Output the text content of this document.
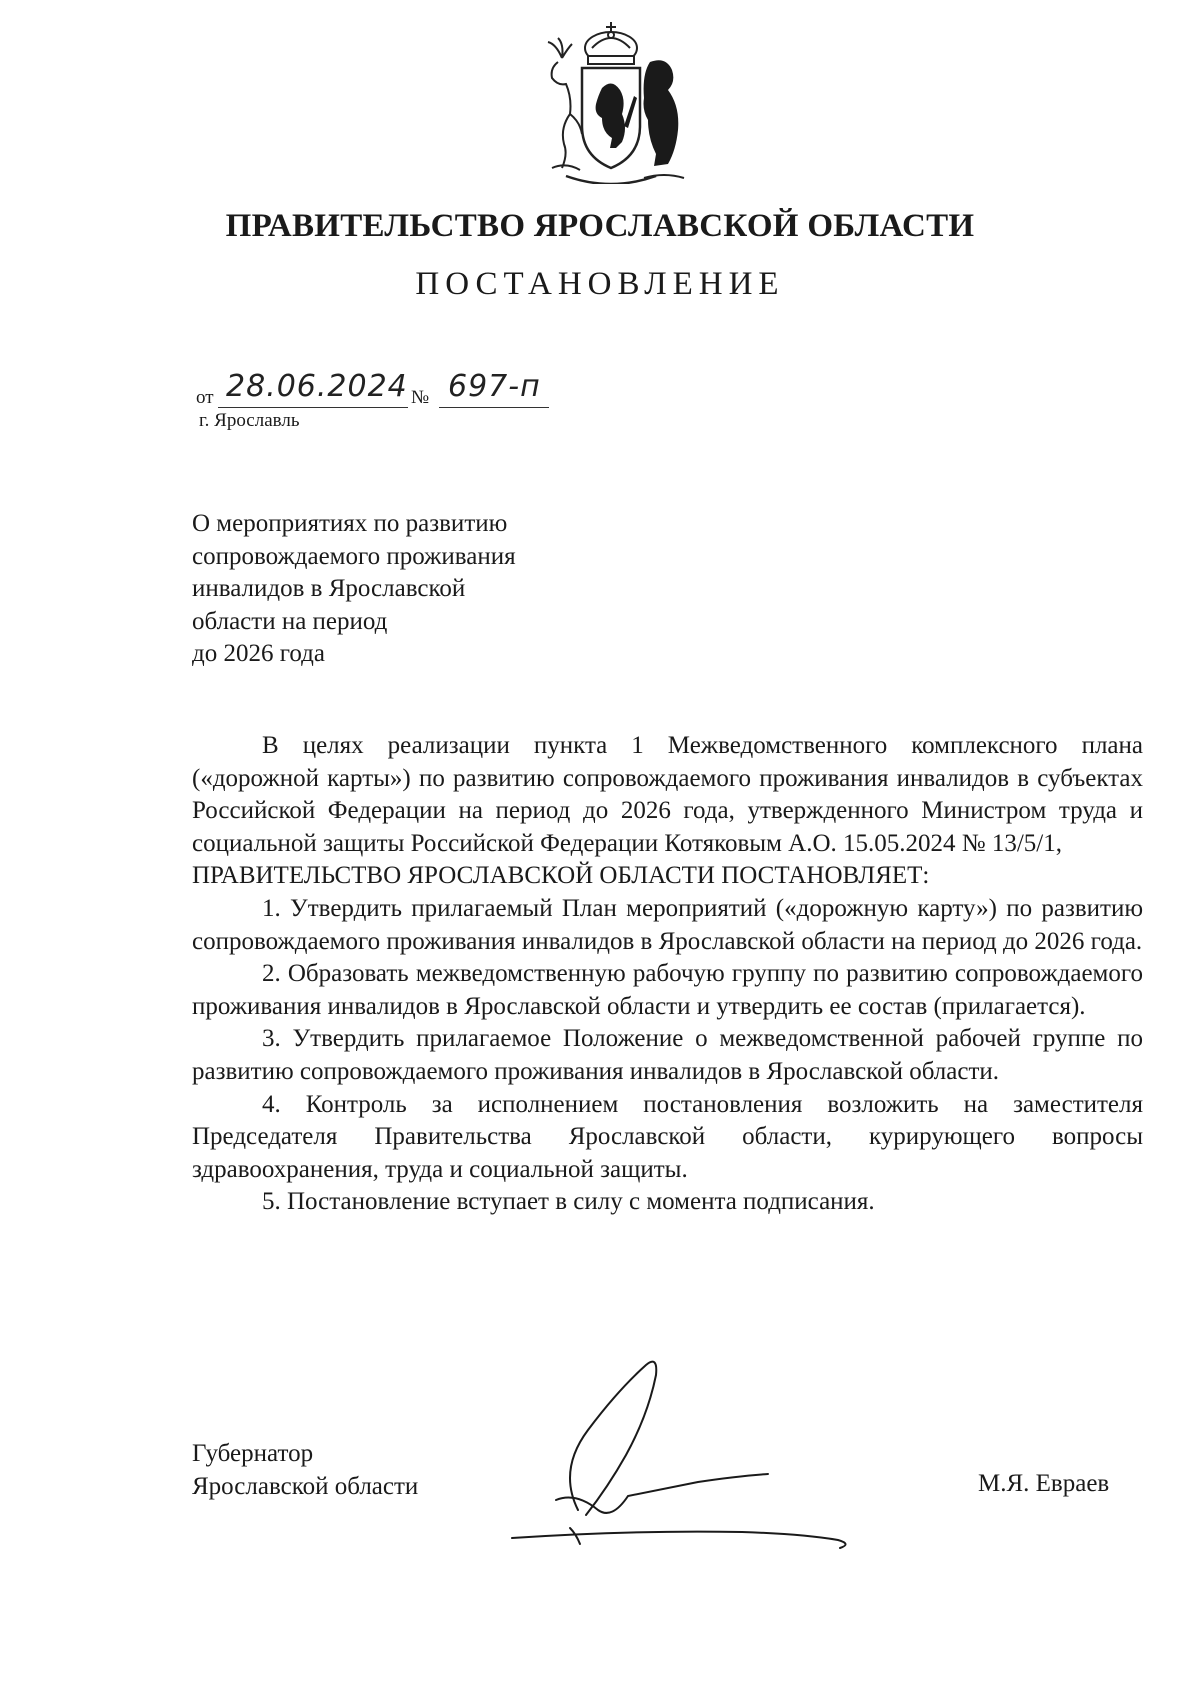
ПРАВИТЕЛЬСТВО ЯРОСЛАВСКОЙ ОБЛАСТИ
ПОСТАНОВЛЕНИЕ
от 28.06.2024 № 697-п
г. Ярославль
О мероприятиях по развитию
сопровождаемого проживания
инвалидов в Ярославской
области на период
до 2026 года

В целях реализации пункта 1 Межведомственного комплексного плана («дорожной карты») по развитию сопровождаемого проживания инвалидов в субъектах Российской Федерации на период до 2026 года, утвержденного Министром труда и социальной защиты Российской Федерации Котяковым А.О. 15.05.2024 № 13/5/1,

ПРАВИТЕЛЬСТВО ЯРОСЛАВСКОЙ ОБЛАСТИ ПОСТАНОВЛЯЕТ:

1. Утвердить прилагаемый План мероприятий («дорожную карту») по развитию сопровождаемого проживания инвалидов в Ярославской области на период до 2026 года.

2. Образовать межведомственную рабочую группу по развитию сопровождаемого проживания инвалидов в Ярославской области и утвердить ее состав (прилагается).

3. Утвердить прилагаемое Положение о межведомственной рабочей группе по развитию сопровождаемого проживания инвалидов в Ярославской области.

4. Контроль за исполнением постановления возложить на заместителя Председателя Правительства Ярославской области, курирующего вопросы здравоохранения, труда и социальной защиты.

5. Постановление вступает в силу с момента подписания.

Губернатор
Ярославской области	М.Я. Евраев
